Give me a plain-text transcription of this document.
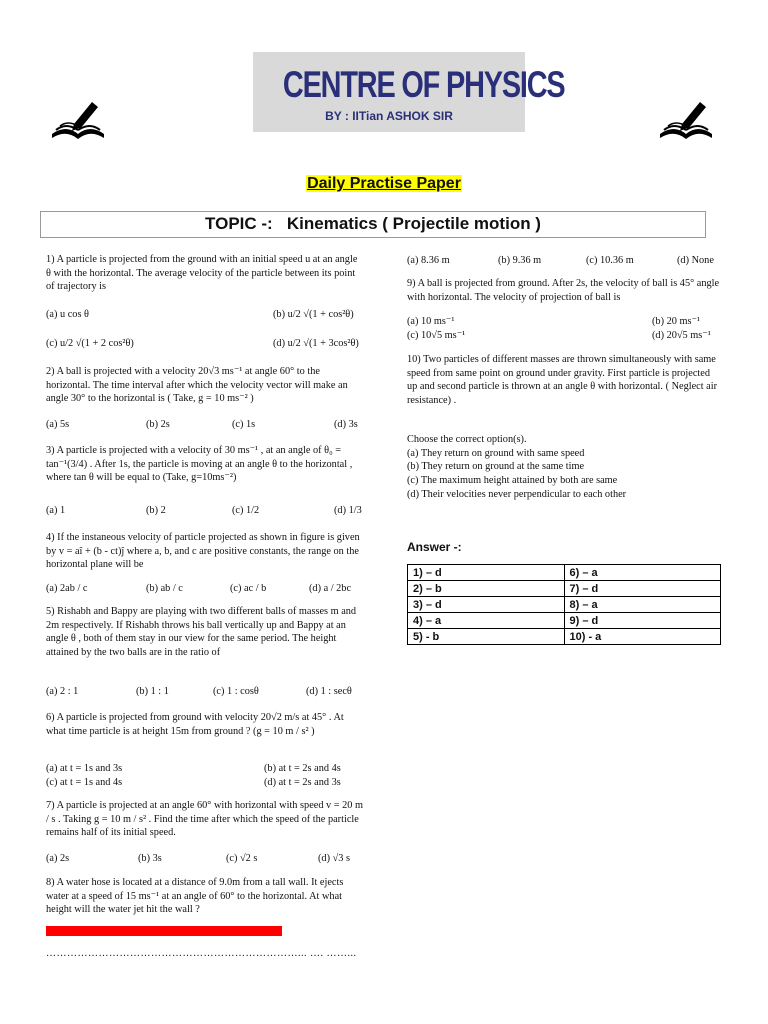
CENTRE OF PHYSICS
BY : IITian ASHOK SIR
Daily Practise Paper
TOPIC -:   Kinematics ( Projectile motion )

1) A particle is projected from the ground with an initial speed u at an angle θ with the horizontal. The average velocity of the particle between its point of trajectory is

(a) u cos θ	(b) u/2 √(1 + cos²θ)
(c) u/2 √(1 + 2 cos²θ)	(d) u/2 √(1 + 3cos²θ)

2) A ball is projected with a velocity 20√3 ms⁻¹ at angle 60° to the horizontal. The time interval after which the velocity vector will make an angle 30° to the horizontal is ( Take, g = 10 ms⁻² )

(a) 5s	(b) 2s	(c) 1s	(d) 3s

3) A particle is projected with a velocity of 30 ms⁻¹ , at an angle of θ₀ = tan⁻¹(3/4) . After 1s, the particle is moving at an angle θ to the horizontal , where tan θ will be equal to (Take, g=10ms⁻²)

(a) 1	(b) 2	(c) 1/2	(d) 1/3

4) If the instaneous velocity of particle projected as shown in figure is given by v = aî + (b - ct)ĵ where a, b, and c are positive constants, the range on the horizontal plane will be

(a) 2ab / c	(b) ab / c	(c) ac / b	(d) a / 2bc

5) Rishabh and Bappy are playing with two different balls of masses m and 2m respectively. If Rishabh throws his ball vertically up and Bappy at an angle θ , both of them stay in our view for the same period. The height attained by the two balls are in the ratio of

(a) 2 : 1	(b) 1 : 1	(c) 1 : cosθ	(d) 1 : secθ

6) A particle is projected from ground with velocity 20√2 m/s at 45° . At what time particle is at height 15m from ground ? (g = 10 m / s² )

(a) at t = 1s and 3s	(b) at t = 2s and 4s
(c) at t = 1s and 4s	(d) at t = 2s and 3s

7) A particle is projected at an angle 60° with horizontal with speed v = 20 m / s . Taking g = 10 m / s² . Find the time after which the speed of the particle remains half of its initial speed.

(a) 2s	(b) 3s	(c) √2 s	(d) √3 s

8) A water hose is located at a distance of 9.0m from a tall wall. It ejects water at a speed of 15 ms⁻¹ at an angle of 60° to the horizontal. At what height will the water jet hit the wall ?

………………………………………………………………... …. ……...
(a) 8.36 m	(b) 9.36 m	(c) 10.36 m	(d) None

9) A ball is projected from ground. After 2s, the velocity of ball is 45° angle with horizontal. The velocity of projection of ball is

(a) 10 ms⁻¹	(b) 20 ms⁻¹
(c) 10√5 ms⁻¹	(d) 20√5 ms⁻¹

10) Two particles of different masses are thrown simultaneously with same speed from same point on ground under gravity. First particle is projected up and second particle is thrown at an angle θ with horizontal. ( Neglect air resistance) .

Choose the correct option(s).

(a) They return on ground with same speed
(b) They return on ground at the same time
(c) The maximum height attained by both are same
(d) Their velocities never perpendicular to each other
Answer -:
1) – d	6) – a
2) – b	7) – d
3) – d	8) – a
4) – a	9) – d
5) - b	10) - a
